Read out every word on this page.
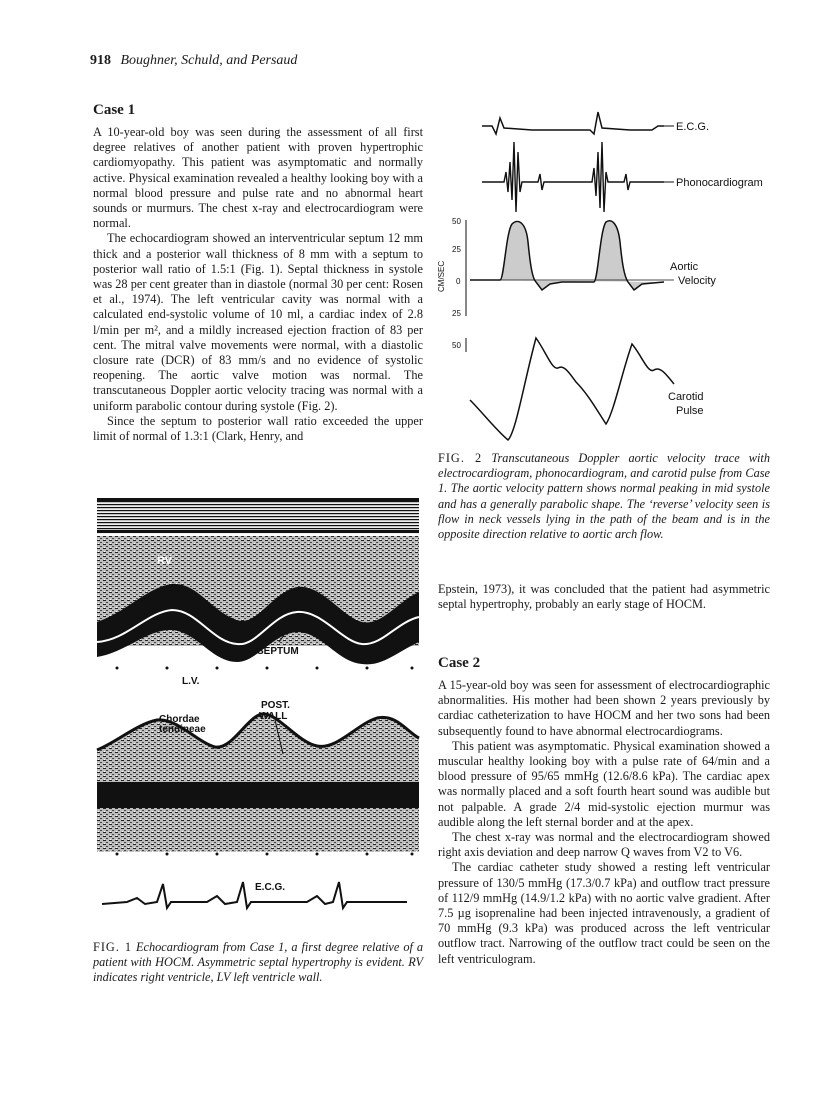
918 Boughner, Schuld, and Persaud
Case 1

A 10-year-old boy was seen during the assessment of all first degree relatives of another patient with proven hypertrophic cardiomyopathy. This patient was asymptomatic and normally active. Physical examination revealed a healthy looking boy with a normal blood pressure and pulse rate and no abnormal heart sounds or murmurs. The chest x-ray and electrocardiogram were normal.

The echocardiogram showed an interventricular septum 12 mm thick and a posterior wall thickness of 8 mm with a septum to posterior wall ratio of 1.5:1 (Fig. 1). Septal thickness in systole was 28 per cent greater than in diastole (normal 30 per cent: Rosen et al., 1974). The left ventricular cavity was normal with a calculated end-systolic volume of 10 ml, a cardiac index of 2.8 l/min per m², and a mildly increased ejection fraction of 83 per cent. The mitral valve movements were normal, with a diastolic closure rate (DCR) of 83 mm/s and no evidence of systolic reopening. The aortic valve motion was normal. The transcutaneous Doppler aortic velocity tracing was normal with a uniform parabolic contour during systole (Fig. 2).

Since the septum to posterior wall ratio exceeded the upper limit of normal of 1.3:1 (Clark, Henry, and

RV
SEPTUM
L.V.
Chordae tendineae
POST. WALL
E.C.G.
FIG. 1 Echocardiogram from Case 1, a first degree relative of a patient with HOCM. Asymmetric septal hypertrophy is evident. RV indicates right ventricle, LV left ventricle wall.
E.C.G.
Phonocardiogram
50
25
0
25
CM/SEC	Aortic Velocity
50
Carotid Pulse
FIG. 2 Transcutaneous Doppler aortic velocity trace with electrocardiogram, phonocardiogram, and carotid pulse from Case 1. The aortic velocity pattern shows normal peaking in mid systole and has a generally parabolic shape. The ‘reverse’ velocity seen is flow in neck vessels lying in the path of the beam and is in the opposite direction relative to aortic arch flow.

Epstein, 1973), it was concluded that the patient had asymmetric septal hypertrophy, probably an early stage of HOCM.

Case 2

A 15-year-old boy was seen for assessment of electrocardiographic abnormalities. His mother had been shown 2 years previously by cardiac catheterization to have HOCM and her two sons had been subsequently found to have abnormal electrocardiograms.

This patient was asymptomatic. Physical examination showed a muscular healthy looking boy with a pulse rate of 64/min and a blood pressure of 95/65 mmHg (12.6/8.6 kPa). The cardiac apex was normally placed and a soft fourth heart sound was audible but not palpable. A grade 2/4 mid-systolic ejection murmur was audible along the left sternal border and at the apex.

The chest x-ray was normal and the electrocardiogram showed right axis deviation and deep narrow Q waves from V2 to V6.

The cardiac catheter study showed a resting left ventricular pressure of 130/5 mmHg (17.3/0.7 kPa) and outflow tract pressure of 112/9 mmHg (14.9/1.2 kPa) with no aortic valve gradient. After 7.5 µg isoprenaline had been injected intravenously, a gradient of 70 mmHg (9.3 kPa) was produced across the left ventricular outflow tract. Narrowing of the outflow tract could be seen on the left ventriculogram.
